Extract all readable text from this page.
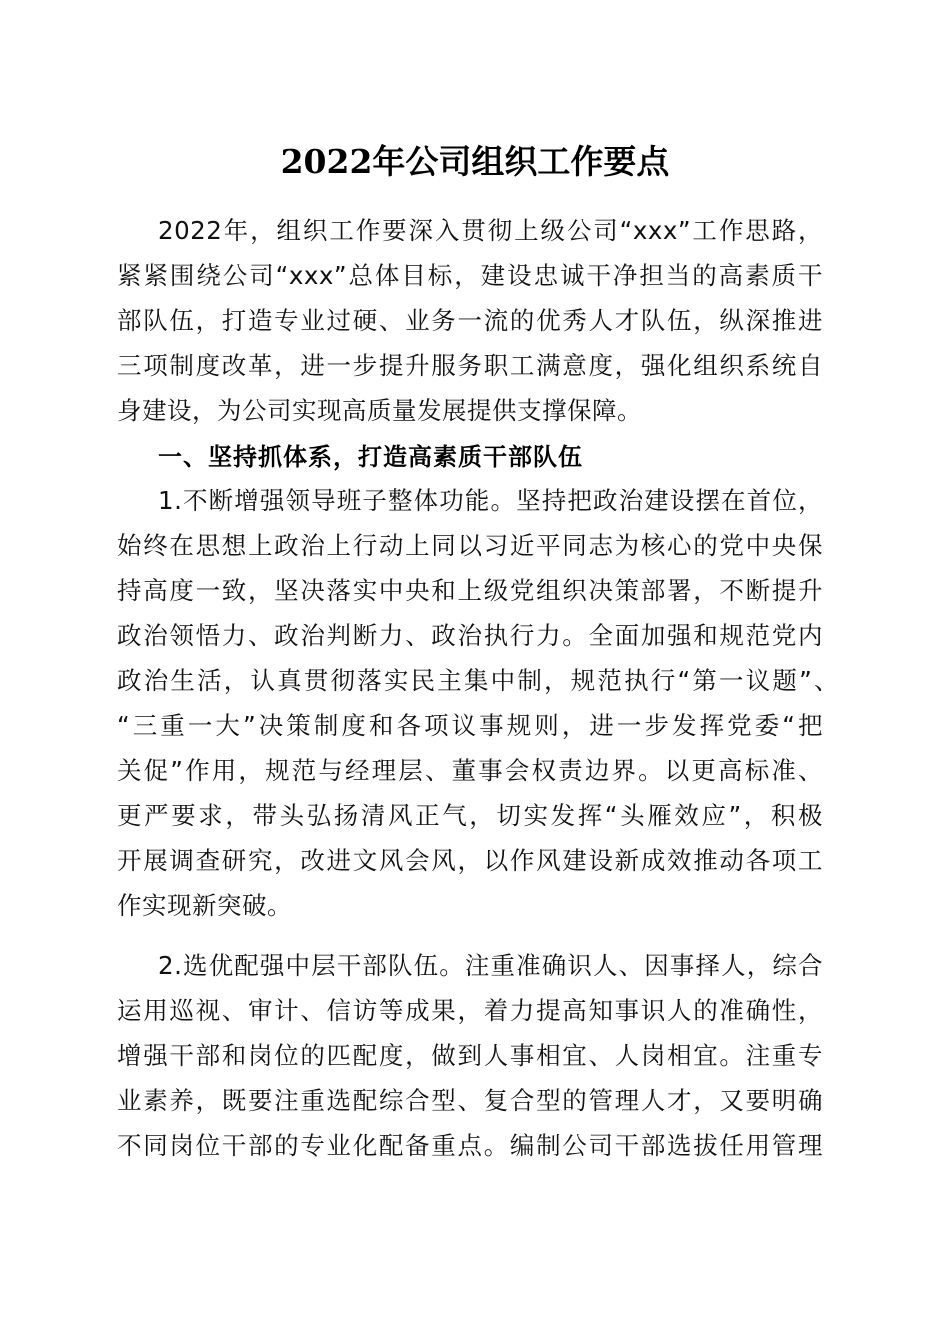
2022年公司组织工作要点
2022年，组织工作要深入贯彻上级公司“xxx”工作思路，
紧紧围绕公司“xxx”总体目标，建设忠诚干净担当的高素质干
部队伍，打造专业过硬、业务一流的优秀人才队伍，纵深推进
三项制度改革，进一步提升服务职工满意度，强化组织系统自
身建设，为公司实现高质量发展提供支撑保障。
一、坚持抓体系，打造高素质干部队伍
1.不断增强领导班子整体功能。坚持把政治建设摆在首位，
始终在思想上政治上行动上同以习近平同志为核心的党中央保
持高度一致，坚决落实中央和上级党组织决策部署，不断提升
政治领悟力、政治判断力、政治执行力。全面加强和规范党内
政治生活，认真贯彻落实民主集中制，规范执行“第一议题”、
“三重一大”决策制度和各项议事规则，进一步发挥党委“把
关促”作用，规范与经理层、董事会权责边界。以更高标准、
更严要求，带头弘扬清风正气，切实发挥“头雁效应”，积极
开展调查研究，改进文风会风，以作风建设新成效推动各项工
作实现新突破。
2.选优配强中层干部队伍。注重准确识人、因事择人，综合
运用巡视、审计、信访等成果，着力提高知事识人的准确性，
增强干部和岗位的匹配度，做到人事相宜、人岗相宜。注重专
业素养，既要注重选配综合型、复合型的管理人才，又要明确
不同岗位干部的专业化配备重点。编制公司干部选拔任用管理
